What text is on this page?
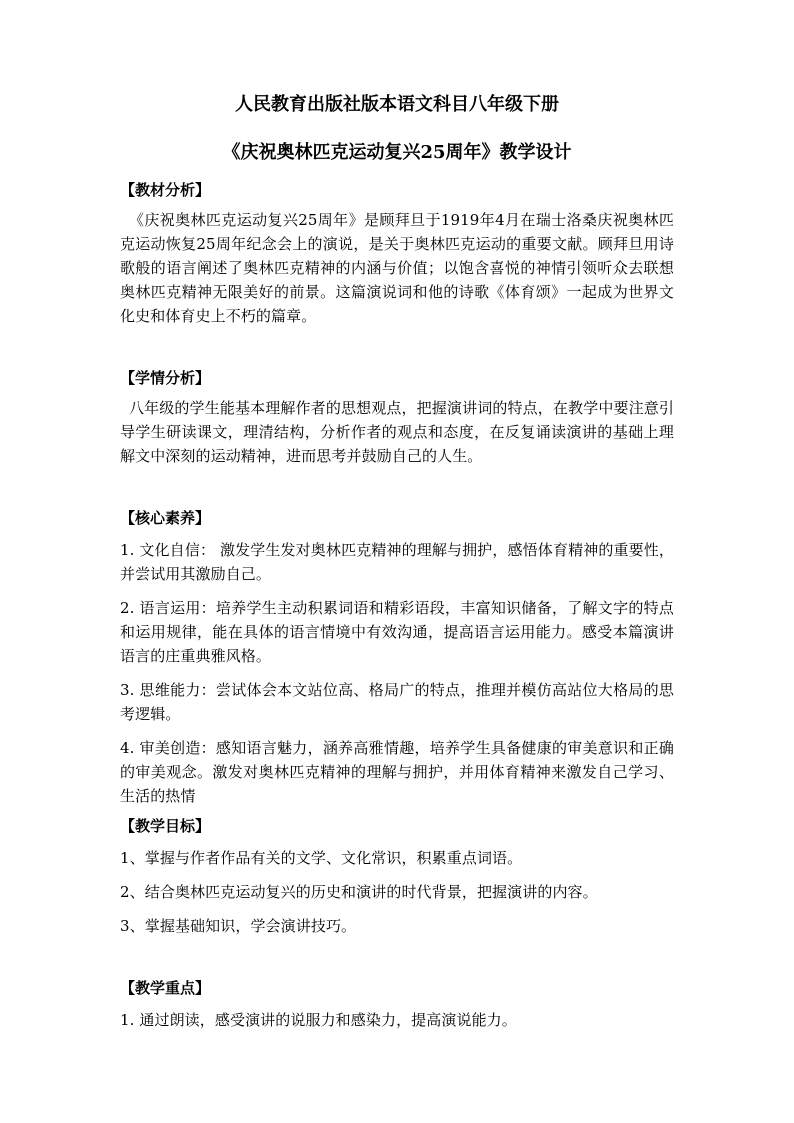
人民教育出版社版本语文科目八年级下册

《庆祝奥林匹克运动复兴25周年》教学设计

【教材分析】

《庆祝奥林匹克运动复兴25周年》是顾拜旦于1919年4月在瑞士洛桑庆祝奥林匹克运动恢复25周年纪念会上的演说，是关于奥林匹克运动的重要文献。顾拜旦用诗歌般的语言阐述了奥林匹克精神的内涵与价值；以饱含喜悦的神情引领听众去联想奥林匹克精神无限美好的前景。这篇演说词和他的诗歌《体育颂》一起成为世界文化史和体育史上不朽的篇章。

【学情分析】

八年级的学生能基本理解作者的思想观点，把握演讲词的特点，在教学中要注意引导学生研读课文，理清结构，分析作者的观点和态度，在反复诵读演讲的基础上理解文中深刻的运动精神，进而思考并鼓励自己的人生。

【核心素养】

1. 文化自信： 激发学生发对奥林匹克精神的理解与拥护，感悟体育精神的重要性，并尝试用其激励自己。

2. 语言运用：培养学生主动积累词语和精彩语段，丰富知识储备，了解文字的特点和运用规律，能在具体的语言情境中有效沟通，提高语言运用能力。感受本篇演讲语言的庄重典雅风格。

3. 思维能力：尝试体会本文站位高、格局广的特点，推理并模仿高站位大格局的思考逻辑。

4. 审美创造：感知语言魅力，涵养高雅情趣，培养学生具备健康的审美意识和正确的审美观念。激发对奥林匹克精神的理解与拥护，并用体育精神来激发自己学习、生活的热情

【教学目标】

1、掌握与作者作品有关的文学、文化常识，积累重点词语。

2、结合奥林匹克运动复兴的历史和演讲的时代背景，把握演讲的内容。

3、掌握基础知识，学会演讲技巧。

【教学重点】

1. 通过朗读，感受演讲的说服力和感染力，提高演说能力。
